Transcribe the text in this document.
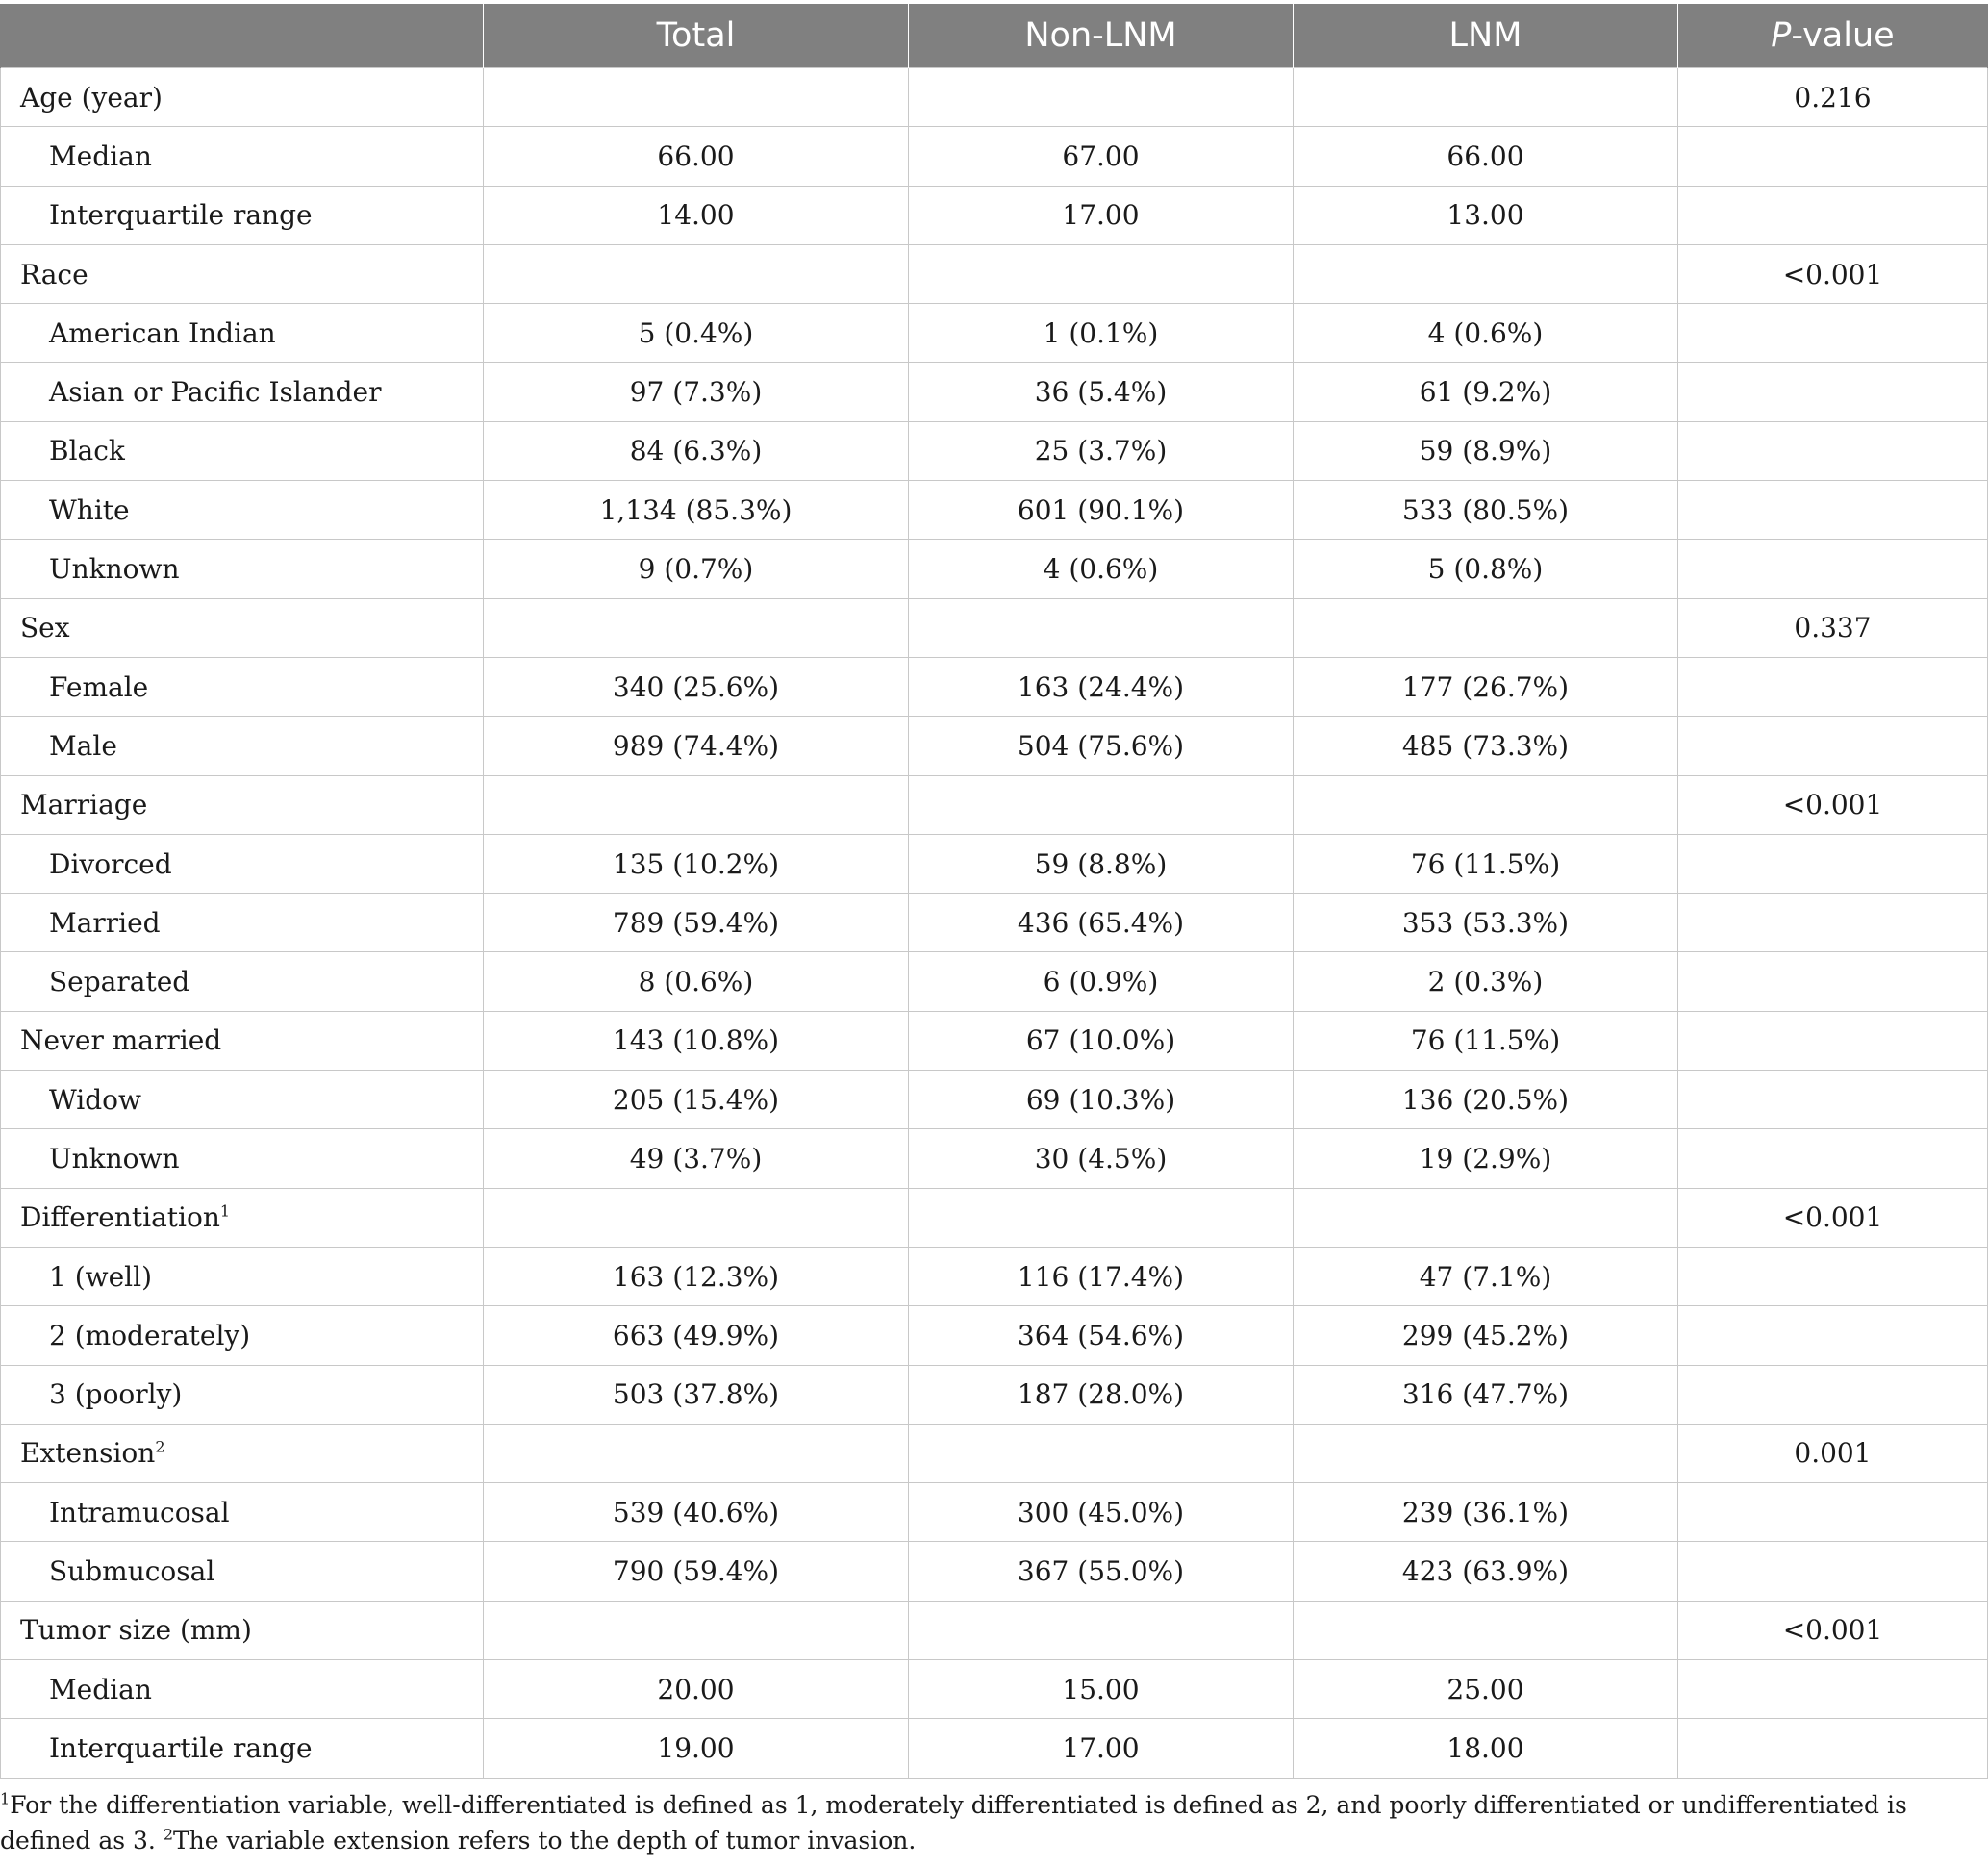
	Total	Non-LNM	LNM	P-value
Age (year)				0.216
Median	66.00	67.00	66.00	
Interquartile range	14.00	17.00	13.00	
Race				<0.001
American Indian	5 (0.4%)	1 (0.1%)	4 (0.6%)	
Asian or Pacific Islander	97 (7.3%)	36 (5.4%)	61 (9.2%)	
Black	84 (6.3%)	25 (3.7%)	59 (8.9%)	
White	1,134 (85.3%)	601 (90.1%)	533 (80.5%)	
Unknown	9 (0.7%)	4 (0.6%)	5 (0.8%)	
Sex				0.337
Female	340 (25.6%)	163 (24.4%)	177 (26.7%)	
Male	989 (74.4%)	504 (75.6%)	485 (73.3%)	
Marriage				<0.001
Divorced	135 (10.2%)	59 (8.8%)	76 (11.5%)	
Married	789 (59.4%)	436 (65.4%)	353 (53.3%)	
Separated	8 (0.6%)	6 (0.9%)	2 (0.3%)	
Never married	143 (10.8%)	67 (10.0%)	76 (11.5%)	
Widow	205 (15.4%)	69 (10.3%)	136 (20.5%)	
Unknown	49 (3.7%)	30 (4.5%)	19 (2.9%)	
Differentiation$^1$				<0.001
1 (well)	163 (12.3%)	116 (17.4%)	47 (7.1%)	
2 (moderately)	663 (49.9%)	364 (54.6%)	299 (45.2%)	
3 (poorly)	503 (37.8%)	187 (28.0%)	316 (47.7%)	
Extension$^2$				0.001
Intramucosal	539 (40.6%)	300 (45.0%)	239 (36.1%)	
Submucosal	790 (59.4%)	367 (55.0%)	423 (63.9%)	
Tumor size (mm)				<0.001
Median	20.00	15.00	25.00	
Interquartile range	19.00	17.00	18.00	
$^1$For the differentiation variable, well-differentiated is defined as 1, moderately differentiated is defined as 2, and poorly differentiated or undifferentiated is defined as 3. $^2$The variable extension refers to the depth of tumor invasion.
